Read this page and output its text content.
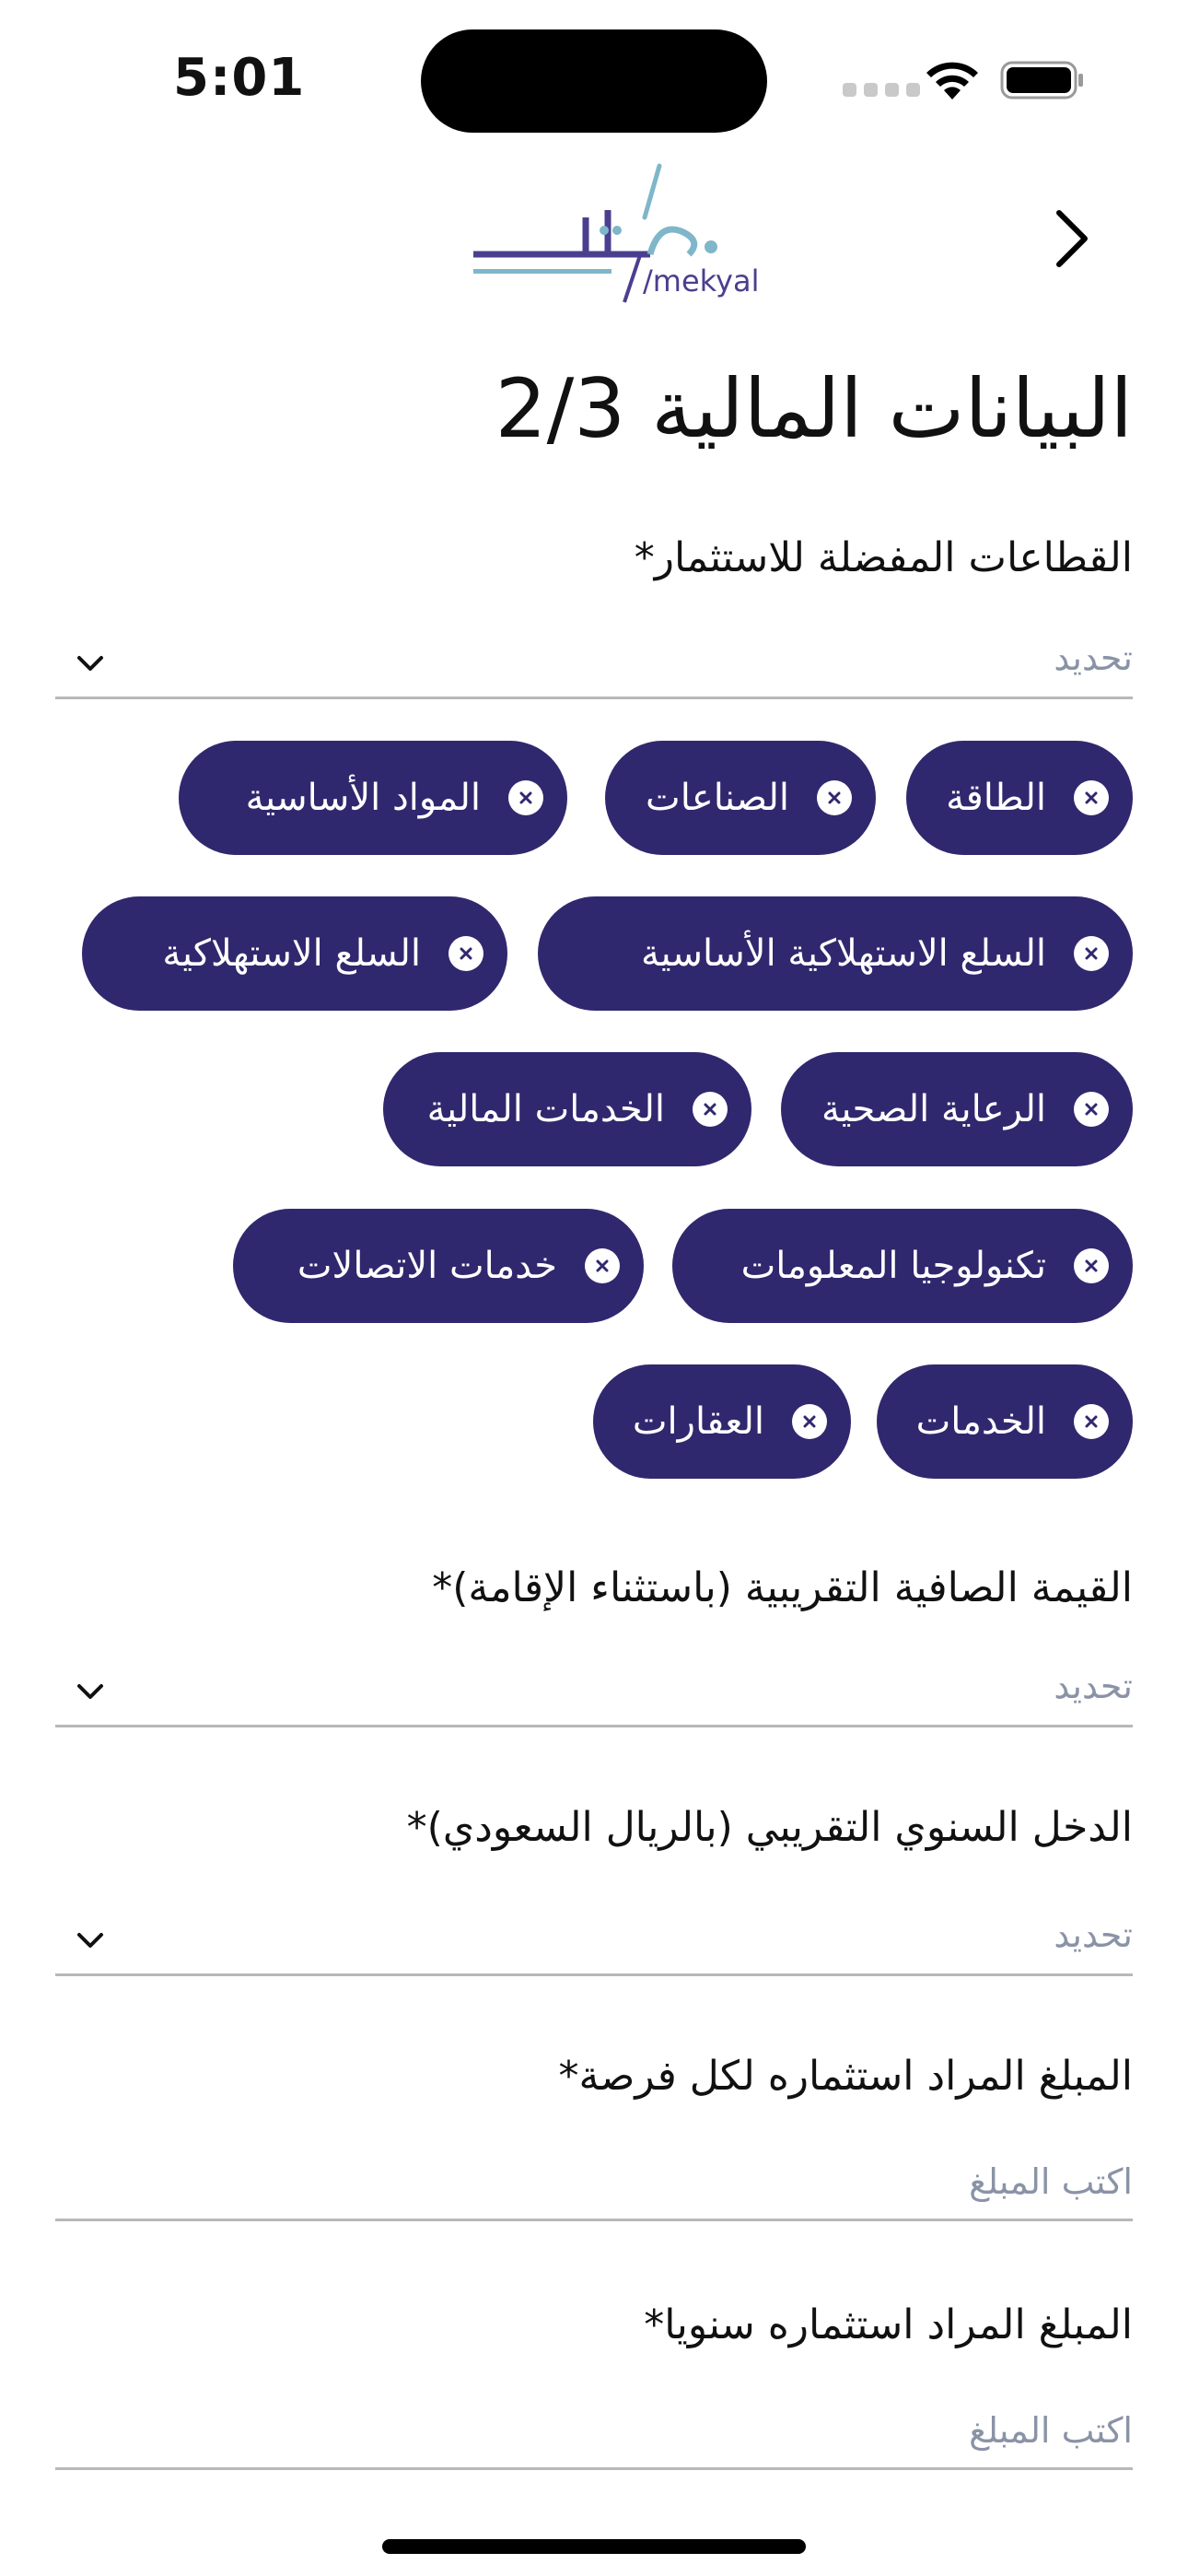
5:01
/mekyal
البيانات المالية 2/3
القطاعات المفضلة للاستثمار*
تحديد
الطاقة
الصناعات
المواد الأساسية
السلع الاستهلاكية الأساسية
السلع الاستهلاكية
الرعاية الصحية
الخدمات المالية
تكنولوجيا المعلومات
خدمات الاتصالات
الخدمات
العقارات
القيمة الصافية التقريبية (باستثناء الإقامة)*
تحديد
الدخل السنوي التقريبي (بالريال السعودي)*
تحديد
المبلغ المراد استثماره لكل فرصة*
اكتب المبلغ
المبلغ المراد استثماره سنويا*
اكتب المبلغ
